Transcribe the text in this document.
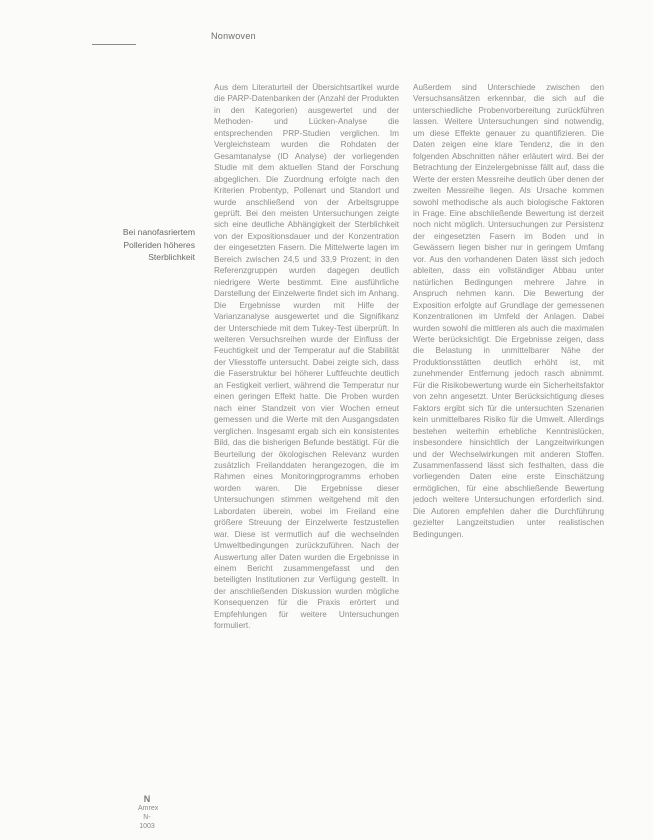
Nonwoven
Bei nanofasriertem
Polleriden höheres
Sterblichkeit

Aus dem Literaturteil der Übersichtsartikel wurde die PARP-Datenbanken der (Anzahl der Produkten in den Kategorien) ausgewertet und der Methoden- und Lücken-Analyse die entsprechenden PRP-Studien verglichen. Im Vergleichsteam wurden die Rohdaten der Gesamtanalyse (ID Analyse) der vorliegenden Studie mit dem aktuellen Stand der Forschung abgeglichen. Die Zuordnung erfolgte nach den Kriterien Probentyp, Pollenart und Standort und wurde anschließend von der Arbeitsgruppe geprüft. Bei den meisten Untersuchungen zeigte sich eine deutliche Abhängigkeit der Sterblichkeit von der Expositionsdauer und der Konzentration der eingesetzten Fasern. Die Mittelwerte lagen im Bereich zwischen 24,5 und 33,9 Prozent; in den Referenzgruppen wurden dagegen deutlich niedrigere Werte bestimmt. Eine ausführliche Darstellung der Einzelwerte findet sich im Anhang. Die Ergebnisse wurden mit Hilfe der Varianzanalyse ausgewertet und die Signifikanz der Unterschiede mit dem Tukey-Test überprüft. In weiteren Versuchsreihen wurde der Einfluss der Feuchtigkeit und der Temperatur auf die Stabilität der Vliesstoffe untersucht. Dabei zeigte sich, dass die Faserstruktur bei höherer Luftfeuchte deutlich an Festigkeit verliert, während die Temperatur nur einen geringen Effekt hatte. Die Proben wurden nach einer Standzeit von vier Wochen erneut gemessen und die Werte mit den Ausgangsdaten verglichen. Insgesamt ergab sich ein konsistentes Bild, das die bisherigen Befunde bestätigt. Für die Beurteilung der ökologischen Relevanz wurden zusätzlich Freilanddaten herangezogen, die im Rahmen eines Monitoringprogramms erhoben worden waren. Die Ergebnisse dieser Untersuchungen stimmen weitgehend mit den Labordaten überein, wobei im Freiland eine größere Streuung der Einzelwerte festzustellen war. Diese ist vermutlich auf die wechselnden Umweltbedingungen zurückzuführen. Nach der Auswertung aller Daten wurden die Ergebnisse in einem Bericht zusammengefasst und den beteiligten Institutionen zur Verfügung gestellt. In der anschließenden Diskussion wurden mögliche Konsequenzen für die Praxis erörtert und Empfehlungen für weitere Untersuchungen formuliert.

Außerdem sind Unterschiede zwischen den Versuchsansätzen erkennbar, die sich auf die unterschiedliche Probenvorbereitung zurückführen lassen. Weitere Untersuchungen sind notwendig, um diese Effekte genauer zu quantifizieren. Die Daten zeigen eine klare Tendenz, die in den folgenden Abschnitten näher erläutert wird. Bei der Betrachtung der Einzelergebnisse fällt auf, dass die Werte der ersten Messreihe deutlich über denen der zweiten Messreihe liegen. Als Ursache kommen sowohl methodische als auch biologische Faktoren in Frage. Eine abschließende Bewertung ist derzeit noch nicht möglich. Untersuchungen zur Persistenz der eingesetzten Fasern im Boden und in Gewässern liegen bisher nur in geringem Umfang vor. Aus den vorhandenen Daten lässt sich jedoch ableiten, dass ein vollständiger Abbau unter natürlichen Bedingungen mehrere Jahre in Anspruch nehmen kann. Die Bewertung der Exposition erfolgte auf Grundlage der gemessenen Konzentrationen im Umfeld der Anlagen. Dabei wurden sowohl die mittleren als auch die maximalen Werte berücksichtigt. Die Ergebnisse zeigen, dass die Belastung in unmittelbarer Nähe der Produktionsstätten deutlich erhöht ist, mit zunehmender Entfernung jedoch rasch abnimmt. Für die Risikobewertung wurde ein Sicherheitsfaktor von zehn angesetzt. Unter Berücksichtigung dieses Faktors ergibt sich für die untersuchten Szenarien kein unmittelbares Risiko für die Umwelt. Allerdings bestehen weiterhin erhebliche Kenntnislücken, insbesondere hinsichtlich der Langzeitwirkungen und der Wechselwirkungen mit anderen Stoffen. Zusammenfassend lässt sich festhalten, dass die vorliegenden Daten eine erste Einschätzung ermöglichen, für eine abschließende Bewertung jedoch weitere Untersuchungen erforderlich sind. Die Autoren empfehlen daher die Durchführung gezielter Langzeitstudien unter realistischen Bedingungen.

N
Amrex
N-1003
